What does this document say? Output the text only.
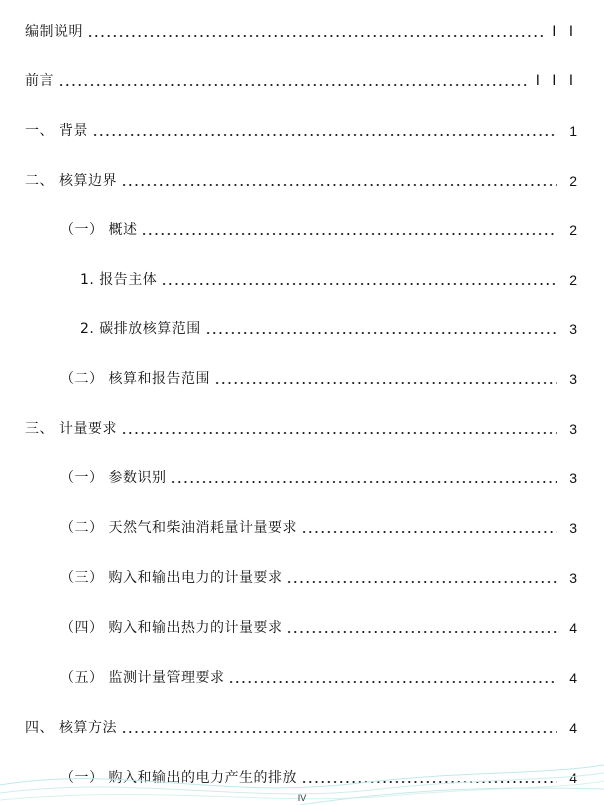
编制说明	I I
前言	I I I
一、 背景	1
二、 核算边界	2
（一） 概述	2
1. 报告主体	2
2. 碳排放核算范围	3
（二） 核算和报告范围	3
三、 计量要求	3
（一） 参数识别	3
（二） 天然气和柴油消耗量计量要求	3
（三） 购入和输出电力的计量要求	3
（四） 购入和输出热力的计量要求	4
（五） 监测计量管理要求	4
四、 核算方法	4
（一） 购入和输出的电力产生的排放	4
IV
